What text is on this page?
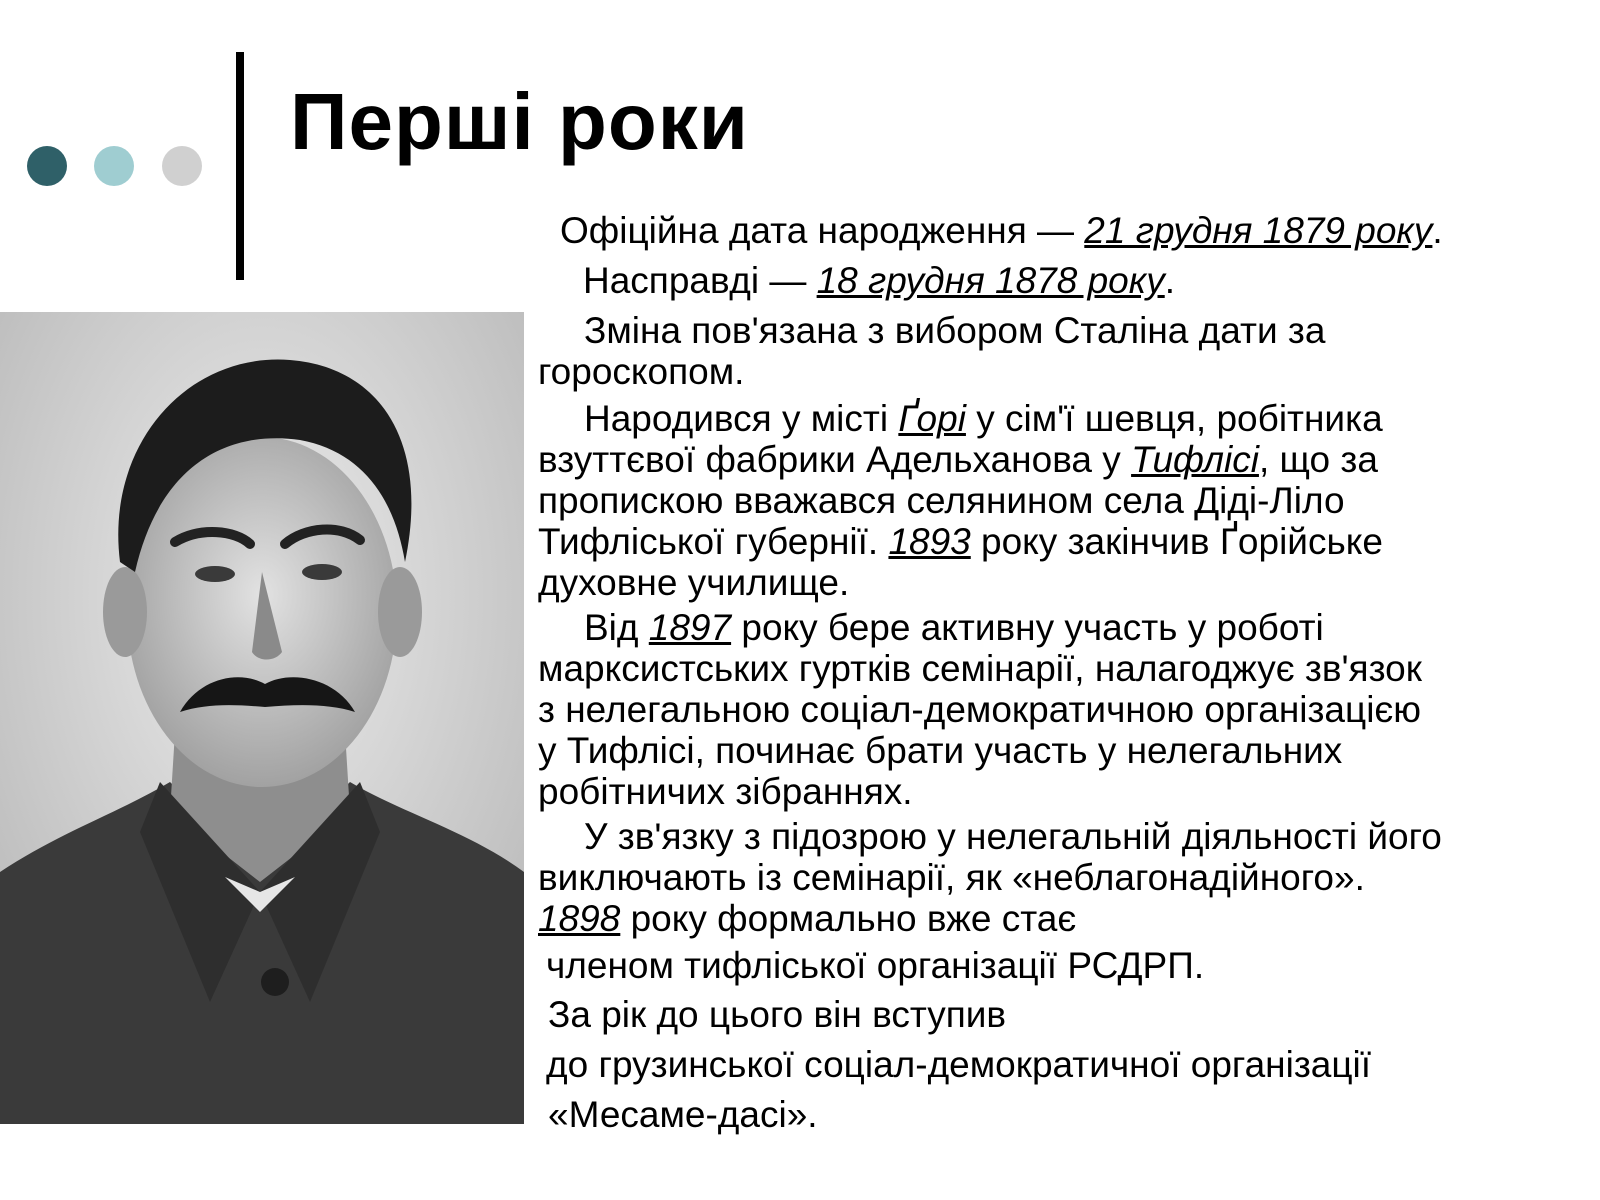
Перші роки

Офіційна дата народження — 21 грудня 1879 року.

Насправді — 18 грудня 1878 року.

Зміна пов'язана з вибором Сталіна дати за
гороскопом.

Народився у місті Ґорі у сім'ї шевця, робітника
взуттєвої фабрики Адельханова у Тифлісі, що за
пропискою вважався селянином села Діді-Ліло
Тифліської губернії. 1893 року закінчив Ґорійське
духовне училище.

Від 1897 року бере активну участь у роботі
марксистських гуртків семінарії, налагоджує зв'язок
з нелегальною соціал-демократичною організацією
у Тифлісі, починає брати участь у нелегальних
робітничих зібраннях.

У зв'язку з підозрою у нелегальній діяльності його
виключають із семінарії, як «неблагонадійного».
1898 року формально вже стає

членом тифліської організації РСДРП.

За рік до цього він вступив

до грузинської соціал-демократичної організації

«Месаме-дасі».
